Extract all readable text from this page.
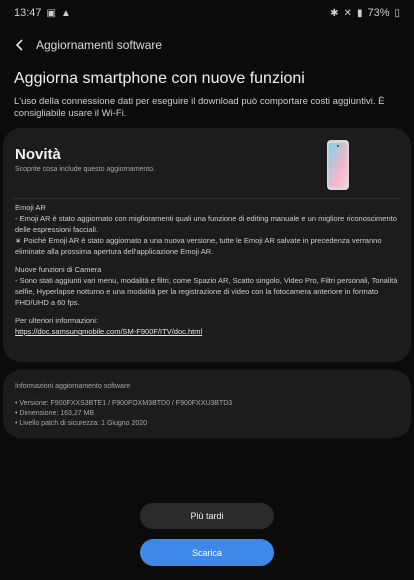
13:47 ▣ ▲	✱ ✕ ▮ 73% ▯
Aggiornamenti software
Aggiorna smartphone con nuove funzioni
L'uso della connessione dati per eseguire il download può comportare costi aggiuntivi. È consigliabile usare il Wi-Fi.
Novità
Scoprite cosa include questo aggiornamento.

Emoji AR
- Emoji AR è stato aggiornato con miglioramenti quali una funzione di editing manuale e un migliore riconoscimento delle espressioni facciali.
∗ Poiché Emoji AR è stato aggiornato a una nuova versione, tutte le Emoji AR salvate in precedenza verranno eliminate alla prossima apertura dell'applicazione Emoji AR.

Nuove funzioni di Camera
- Sono stati aggiunti vari menu, modalità e filtri, come Spazio AR, Scatto singolo, Video Pro, Filtri personali, Tonalità selfie, Hyperlapse notturno e una modalità per la registrazione di video con la fotocamera anteriore in formato FHD/UHD a 60 fps.

Per ulteriori informazioni:
https://doc.samsungmobile.com/SM-F900F/ITV/doc.html

Informazioni aggiornamento software
• Versione: F900FXXS3BTE1 / F900FOXM3BTD0 / F900FXXU3BTD3
• Dimensione: 163,27 MB
• Livello patch di sicurezza: 1 Giugno 2020
Più tardi
Scarica
